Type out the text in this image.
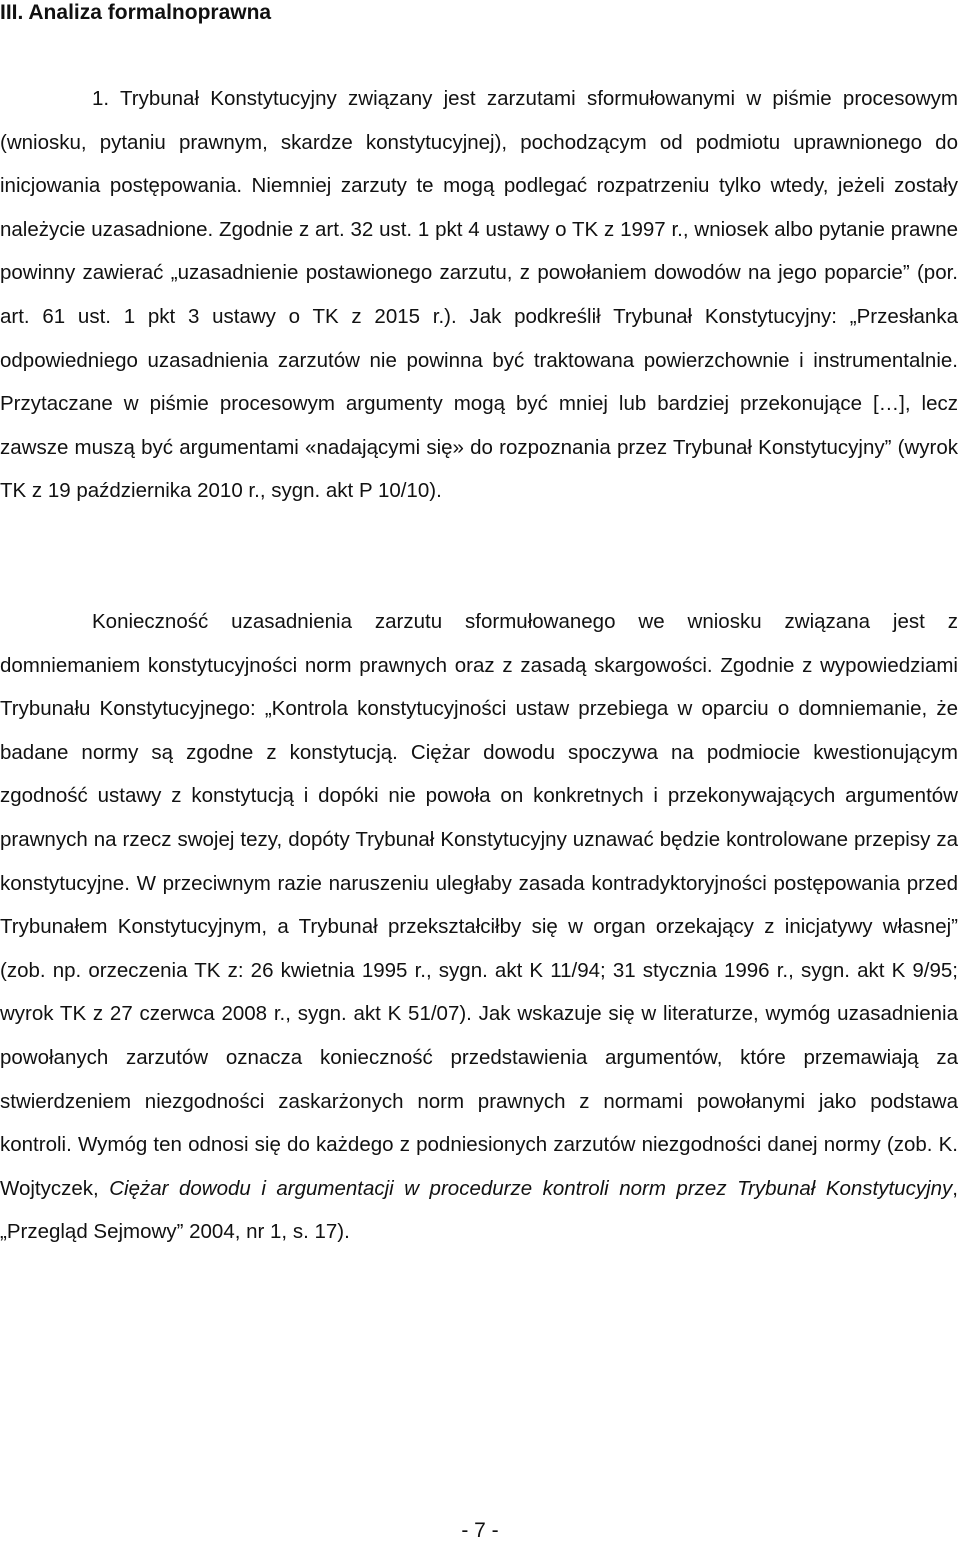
III. Analiza formalnoprawna

1. Trybunał Konstytucyjny związany jest zarzutami sformułowanymi w piśmie procesowym (wniosku, pytaniu prawnym, skardze konstytucyjnej), pochodzącym od podmiotu uprawnionego do inicjowania postępowania. Niemniej zarzuty te mogą podlegać rozpatrzeniu tylko wtedy, jeżeli zostały należycie uzasadnione. Zgodnie z art. 32 ust. 1 pkt 4 ustawy o TK z 1997 r., wniosek albo pytanie prawne powinny zawierać „uzasadnienie postawionego zarzutu, z powołaniem dowodów na jego poparcie” (por. art. 61 ust. 1 pkt 3 ustawy o TK z 2015 r.). Jak podkreślił Trybunał Konstytucyjny: „Przesłanka odpowiedniego uzasadnienia zarzutów nie powinna być traktowana powierzchownie i instrumentalnie. Przytaczane w piśmie procesowym argumenty mogą być mniej lub bardziej przekonujące […], lecz zawsze muszą być argumentami «nadającymi się» do rozpoznania przez Trybunał Konstytucyjny” (wyrok TK z 19 października 2010 r., sygn. akt P 10/10).

Konieczność uzasadnienia zarzutu sformułowanego we wniosku związana jest z domniemaniem konstytucyjności norm prawnych oraz z zasadą skargowości. Zgodnie z wypowiedziami Trybunału Konstytucyjnego: „Kontrola konstytucyjności ustaw przebiega w oparciu o domniemanie, że badane normy są zgodne z konstytucją. Ciężar dowodu spoczywa na podmiocie kwestionującym zgodność ustawy z konstytucją i dopóki nie powoła on konkretnych i przekonywających argumentów prawnych na rzecz swojej tezy, dopóty Trybunał Konstytucyjny uznawać będzie kontrolowane przepisy za konstytucyjne. W przeciwnym razie naruszeniu uległaby zasada kontradyktoryjności postępowania przed Trybunałem Konstytucyjnym, a Trybunał przekształciłby się w organ orzekający z inicjatywy własnej” (zob. np. orzeczenia TK z: 26 kwietnia 1995 r., sygn. akt K 11/94; 31 stycznia 1996 r., sygn. akt K 9/95; wyrok TK z 27 czerwca 2008 r., sygn. akt K 51/07). Jak wskazuje się w literaturze, wymóg uzasadnienia powołanych zarzutów oznacza konieczność przedstawienia argumentów, które przemawiają za stwierdzeniem niezgodności zaskarżonych norm prawnych z normami powołanymi jako podstawa kontroli. Wymóg ten odnosi się do każdego z podniesionych zarzutów niezgodności danej normy (zob. K. Wojtyczek, Ciężar dowodu i argumentacji w procedurze kontroli norm przez Trybunał Konstytucyjny, „Przegląd Sejmowy” 2004, nr 1, s. 17).

- 7 -
